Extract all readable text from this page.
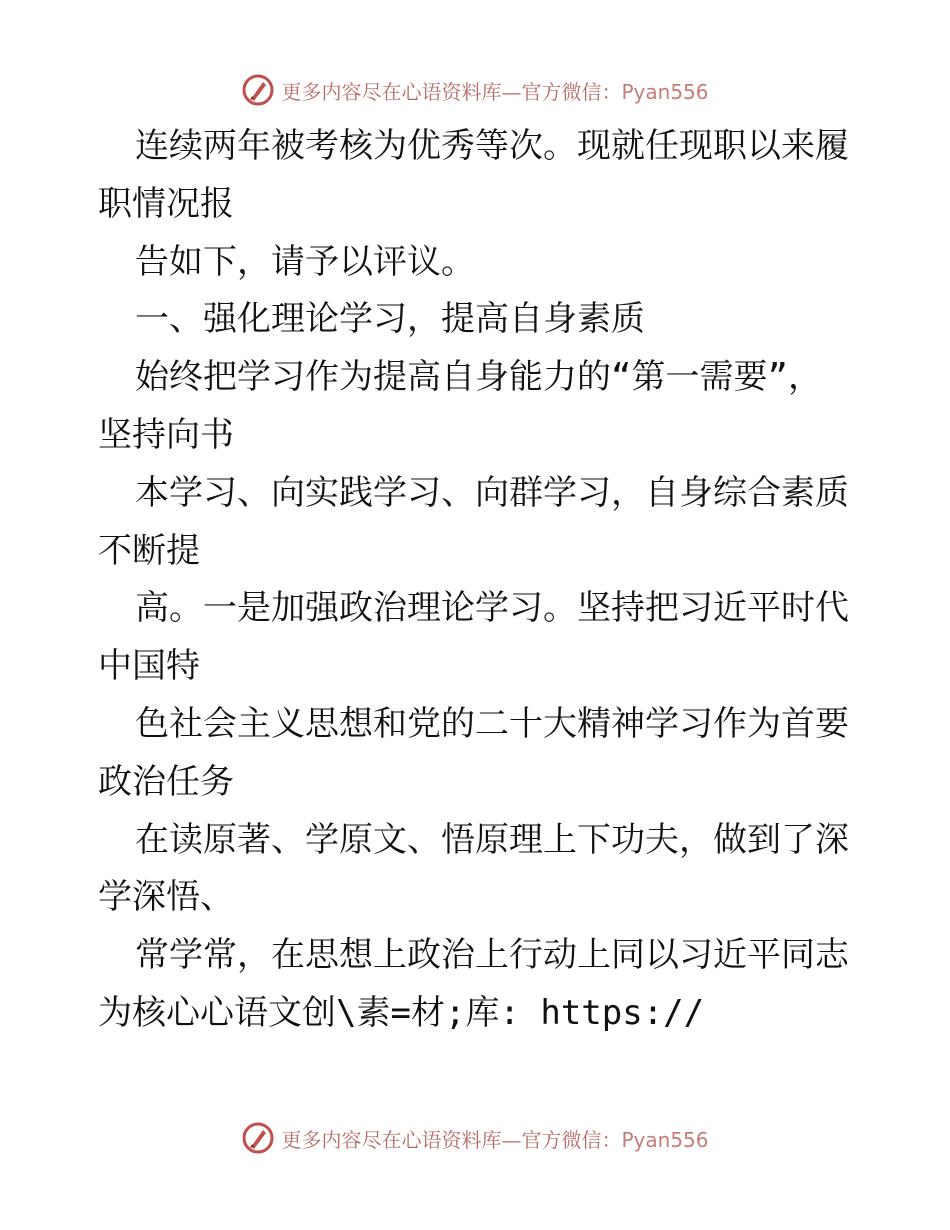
更多内容尽在心语资料库—官方微信：Pyan556
连续两年被考核为优秀等次。现就任现职以来履
职情况报
告如下，请予以评议。
一、强化理论学习，提高自身素质
始终把学习作为提高自身能力的“第一需要”，
坚持向书
本学习、向实践学习、向群学习，自身综合素质
不断提
高。一是加强政治理论学习。坚持把习近平时代
中国特
色社会主义思想和党的二十大精神学习作为首要
政治任务
在读原著、学原文、悟原理上下功夫，做到了深
学深悟、
常学常，在思想上政治上行动上同以习近平同志
为核心心语文创\素=材;库: https://
更多内容尽在心语资料库—官方微信：Pyan556
